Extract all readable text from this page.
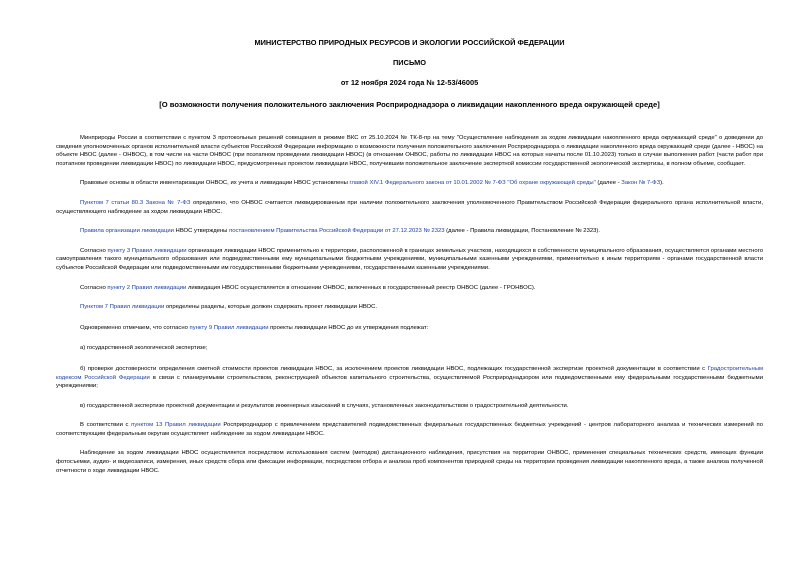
МИНИСТЕРСТВО ПРИРОДНЫХ РЕСУРСОВ И ЭКОЛОГИИ РОССИЙСКОЙ ФЕДЕРАЦИИ
ПИСЬМО
от 12 ноября 2024 года № 12-53/46005
[О возможности получения положительного заключения Росприроднадзора о ликвидации накопленного вреда окружающей среде]

Минприроды России в соответствии с пунктом 3 протокольных решений совещания в режиме ВКС от 25.10.2024 № ТК-8-пр на тему "Осуществление наблюдения за ходом ликвидации накопленного вреда окружающей среде" о доведении до сведения уполномоченных органов исполнительной власти субъектов Российской Федерации информацию о возможности получения положительного заключения Росприроднадзора о ликвидации накопленного вреда окружающей среде (далее - НВОС) на объекте НВОС (далее - ОНВОС), в том числе на части ОНВОС (при поэтапном проведении ликвидации НВОС) (в отношении ОНВОС, работы по ликвидации НВОС на которых начаты после 01.10.2023) только в случае выполнения работ (части работ при поэтапном проведении ликвидации НВОС) по ликвидации НВОС, предусмотренных проектом ликвидации НВОС, получившим положительное заключение экспертной комиссии государственной экологической экспертизы, в полном объеме, сообщает.

Правовые основы в области инвентаризации ОНВОС, их учета и ликвидации НВОС установлены главой XIV.1 Федерального закона от 10.01.2002 № 7-ФЗ "Об охране окружающей среды" (далее - Закон № 7-ФЗ).

Пунктом 7 статьи 80.3 Закона № 7-ФЗ определено, что ОНВОС считается ликвидированным при наличии положительного заключения уполномоченного Правительством Российской Федерации федерального органа исполнительной власти, осуществляющего наблюдение за ходом ликвидации НВОС.

Правила организации ликвидации НВОС утверждены постановлением Правительства Российской Федерации от 27.12.2023 № 2323 (далее - Правила ликвидации, Постановление № 2323).

Согласно пункту 3 Правил ликвидации организация ликвидации НВОС применительно к территории, расположенной в границах земельных участков, находящихся в собственности муниципального образования, осуществляется органами местного самоуправления такого муниципального образования или подведомственными ему муниципальными бюджетными учреждениями, муниципальными казенными учреждениями, применительно к иным территориям - органами государственной власти субъектов Российской Федерации или подведомственными им государственными бюджетными учреждениями, государственными казенными учреждениями.

Согласно пункту 2 Правил ликвидации ликвидация НВОС осуществляется в отношении ОНВОС, включенных в государственный реестр ОНВОС (далее - ГРОНВОС).

Пунктом 7 Правил ликвидации определены разделы, которые должен содержать проект ликвидации НВОС.

Одновременно отмечаем, что согласно пункту 9 Правил ликвидации проекты ликвидации НВОС до их утверждения подлежат:

а) государственной экологической экспертизе;

б) проверке достоверности определения сметной стоимости проектов ликвидации НВОС, за исключением проектов ликвидации НВОС, подлежащих государственной экспертизе проектной документации в соответствии с Градостроительным кодексом Российской Федерации в связи с планируемыми строительством, реконструкцией объектов капитального строительства, осуществляемой Росприроднадзором или подведомственными ему федеральными государственными бюджетными учреждениями;

в) государственной экспертизе проектной документации и результатов инженерных изысканий в случаях, установленных законодательством о градостроительной деятельности.

В соответствии с пунктом 13 Правил ликвидации Росприроднадзор с привлечением представителей подведомственных федеральных государственных бюджетных учреждений - центров лабораторного анализа и технических измерений по соответствующим федеральным округам осуществляет наблюдение за ходом ликвидации НВОС.

Наблюдение за ходом ликвидации НВОС осуществляется посредством использования систем (методов) дистанционного наблюдения, присутствия на территории ОНВОС, применения специальных технических средств, имеющих функции фотосъемки, аудио- и видеозаписи, измерения, иных средств сбора или фиксации информации, посредством отбора и анализа проб компонентов природной среды на территории проведения ликвидации накопленного вреда, а также анализа полученной отчетности о ходе ликвидации НВОС.
